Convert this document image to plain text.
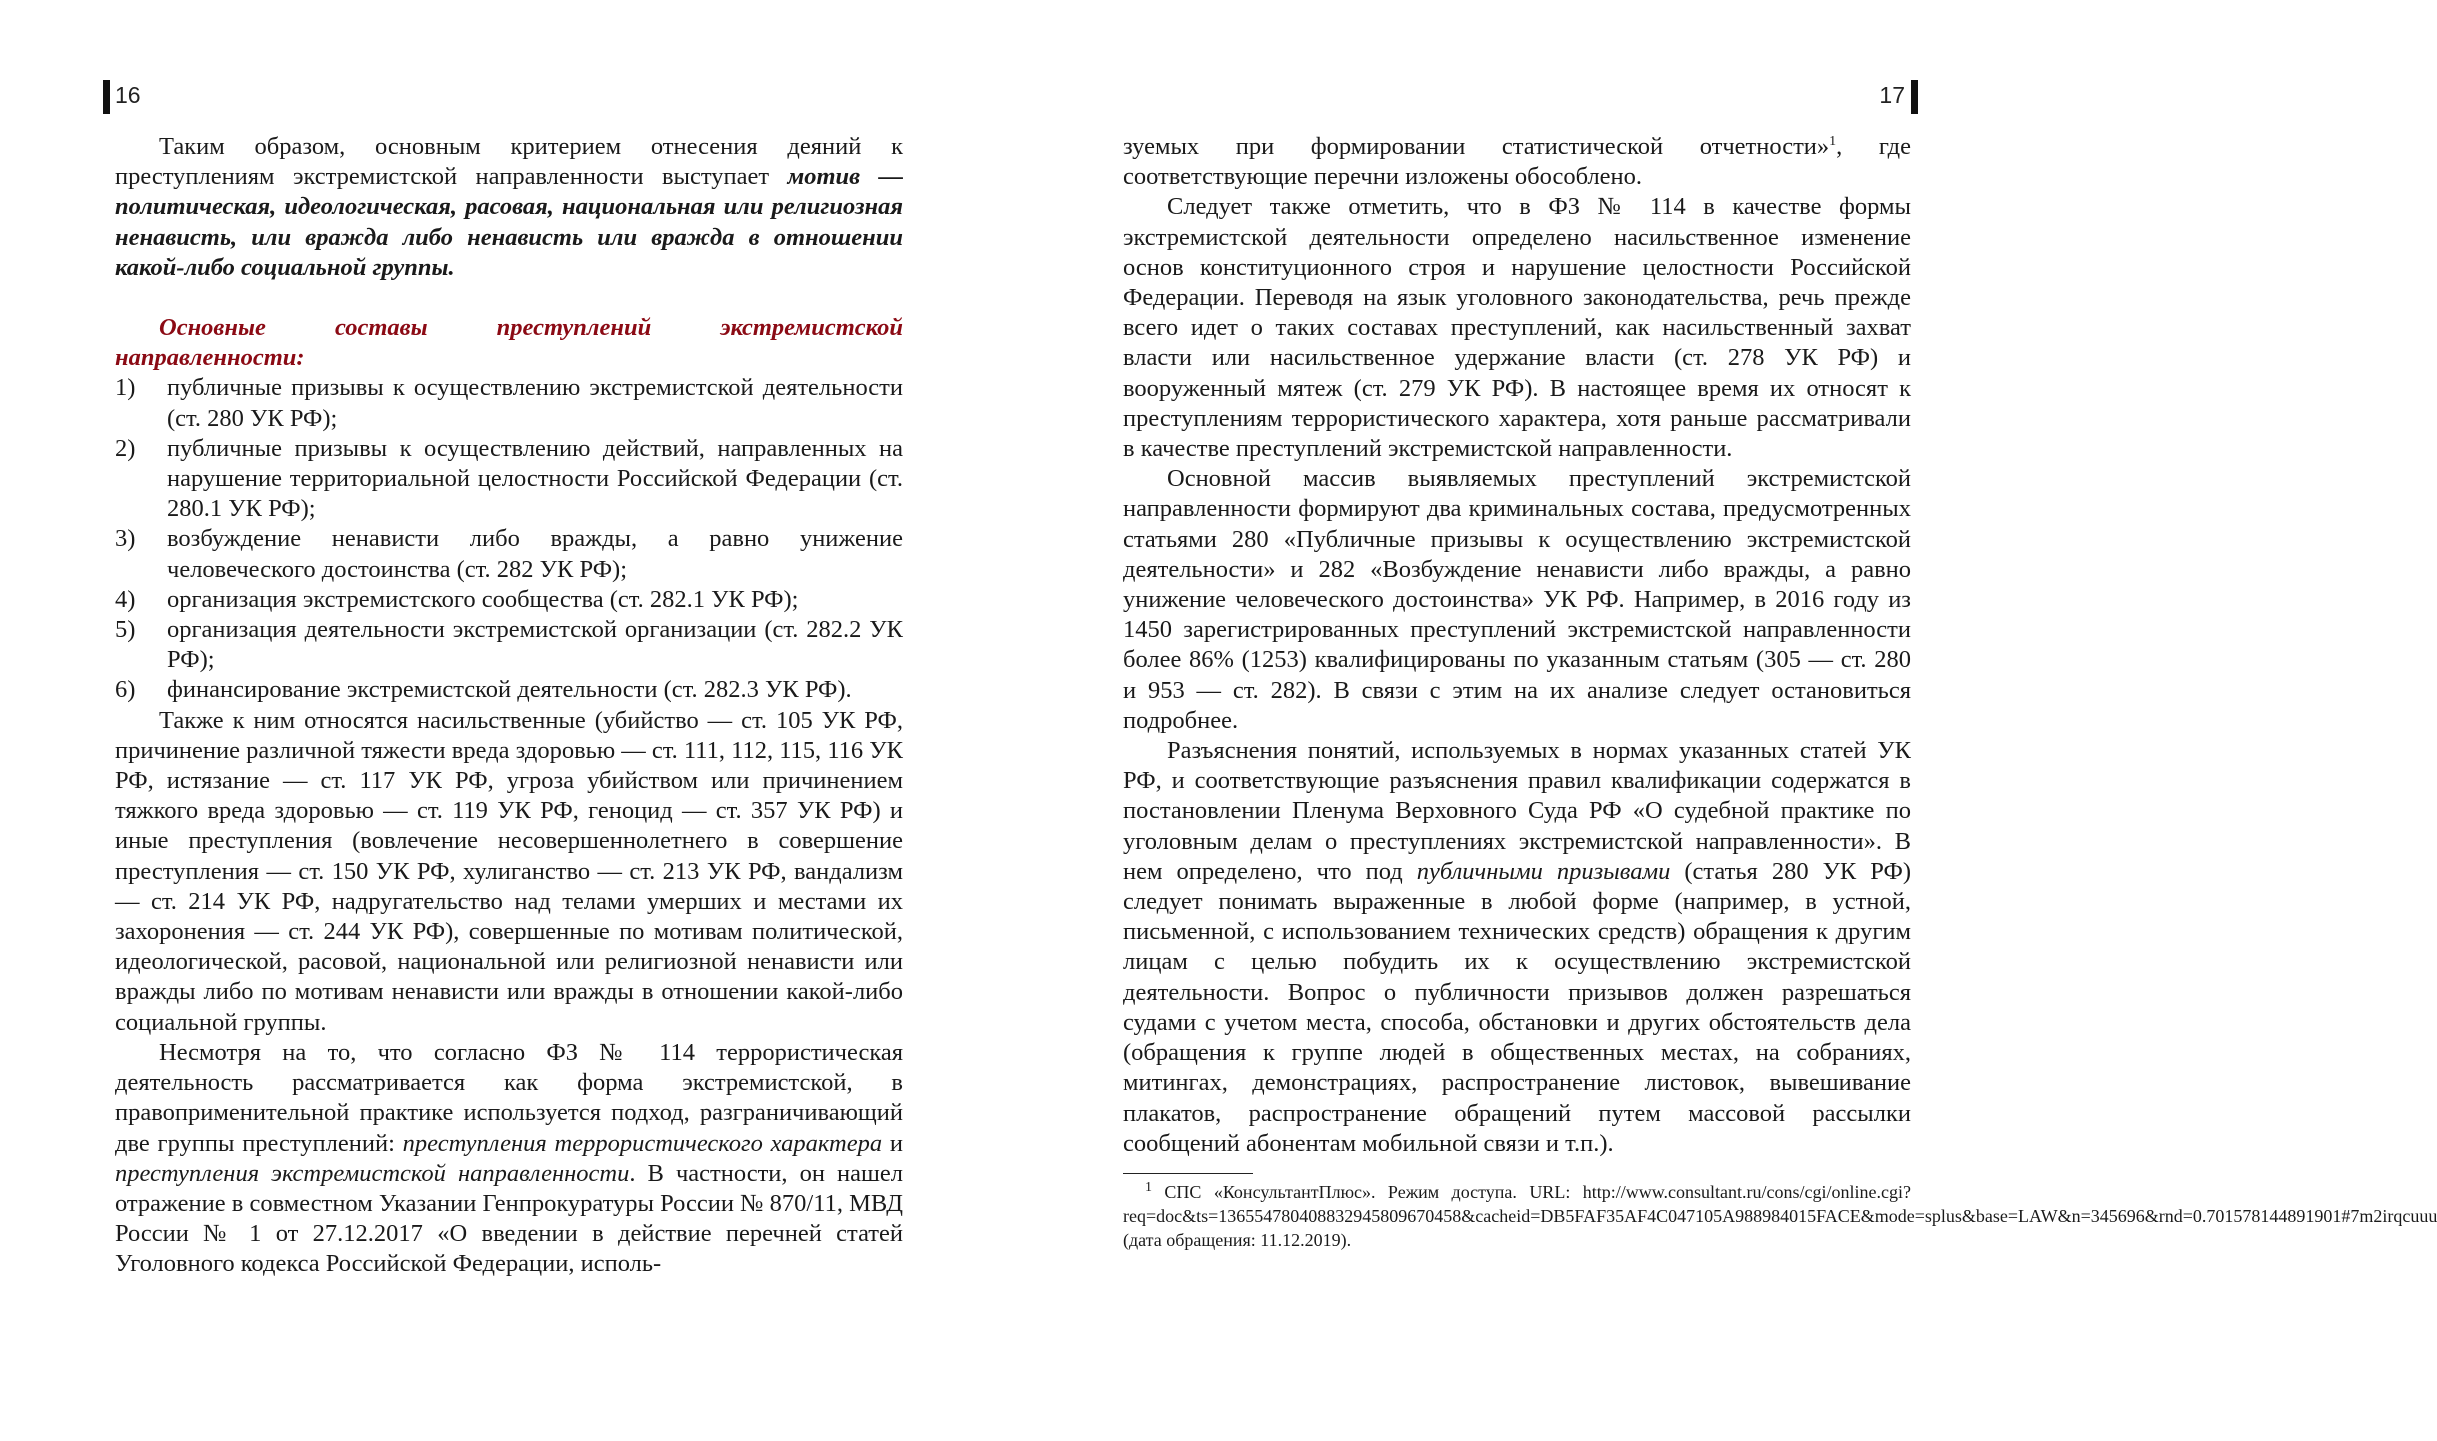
16

Таким образом, основным критерием отнесения деяний к преступлениям экстремистской направленности выступает мотив — политическая, идеологическая, расовая, национальная или религиозная ненависть, или вражда либо ненависть или вражда в отношении какой-либо социальной группы.

Основные составы преступлений экстремистской направленности:

1) публичные призывы к осуществлению экстремистской деятельности (ст. 280 УК РФ);
2) публичные призывы к осуществлению действий, направленных на нарушение территориальной целостности Российской Федерации (ст. 280.1 УК РФ);
3) возбуждение ненависти либо вражды, а равно унижение человеческого достоинства (ст. 282 УК РФ);
4) организация экстремистского сообщества (ст. 282.1 УК РФ);
5) организация деятельности экстремистской организации (ст. 282.2 УК РФ);
6) финансирование экстремистской деятельности (ст. 282.3 УК РФ).

Также к ним относятся насильственные (убийство — ст. 105 УК РФ, причинение различной тяжести вреда здоровью — ст. 111, 112, 115, 116 УК РФ, истязание — ст. 117 УК РФ, угроза убийством или причинением тяжкого вреда здоровью — ст. 119 УК РФ, геноцид — ст. 357 УК РФ) и иные преступления (вовлечение несовершеннолетнего в совершение преступления — ст. 150 УК РФ, хулиганство — ст. 213 УК РФ, вандализм — ст. 214 УК РФ, надругательство над телами умерших и местами их захоронения — ст. 244 УК РФ), совершенные по мотивам политической, идеологической, расовой, национальной или религиозной ненависти или вражды либо по мотивам ненависти или вражды в отношении какой-либо социальной группы.

Несмотря на то, что согласно ФЗ № 114 террористическая деятельность рассматривается как форма экстремистской, в правоприменительной практике используется подход, разграничивающий две группы преступлений: преступления террористического характера и преступления экстремистской направленности. В частности, он нашел отражение в совместном Указании Генпрокуратуры России № 870/11, МВД России № 1 от 27.12.2017 «О введении в действие перечней статей Уголовного кодекса Российской Федерации, исполь-

17

зуемых при формировании статистической отчетности»$^1$, где соответствующие перечни изложены обособлено.

Следует также отметить, что в ФЗ № 114 в качестве формы экстремистской деятельности определено насильственное изменение основ конституционного строя и нарушение целостности Российской Федерации. Переводя на язык уголовного законодательства, речь прежде всего идет о таких составах преступлений, как насильственный захват власти или насильственное удержание власти (ст. 278 УК РФ) и вооруженный мятеж (ст. 279 УК РФ). В настоящее время их относят к преступлениям террористического характера, хотя раньше рассматривали в качестве преступлений экстремистской направленности.

Основной массив выявляемых преступлений экстремистской направленности формируют два криминальных состава, предусмотренных статьями 280 «Публичные призывы к осуществлению экстремистской деятельности» и 282 «Возбуждение ненависти либо вражды, а равно унижение человеческого достоинства» УК РФ. Например, в 2016 году из 1450 зарегистрированных преступлений экстремистской направленности более 86% (1253) квалифицированы по указанным статьям (305 — ст. 280 и 953 — ст. 282). В связи с этим на их анализе следует остановиться подробнее.

Разъяснения понятий, используемых в нормах указанных статей УК РФ, и соответствующие разъяснения правил квалификации содержатся в постановлении Пленума Верховного Суда РФ «О судебной практике по уголовным делам о преступлениях экстремистской направленности». В нем определено, что под публичными призывами (статья 280 УК РФ) следует понимать выраженные в любой форме (например, в устной, письменной, с использованием технических средств) обращения к другим лицам с целью побудить их к осуществлению экстремистской деятельности. Вопрос о публичности призывов должен разрешаться судами с учетом места, способа, обстановки и других обстоятельств дела (обращения к группе людей в общественных местах, на собраниях, митингах, демонстрациях, распространение листовок, вывешивание плакатов, распространение обращений путем массовой рассылки сообщений абонентам мобильной связи и т.п.).

$^1$ СПС «КонсультантПлюс». Режим доступа. URL: http://www.consultant.ru/cons/cgi/online.cgi?req=doc&ts=136554780408832945809670458&cacheid=DB5FAF35AF4C047105A988984015FACE&mode=splus&base=LAW&n=345696&rnd=0.701578144891901#7m2irqcuuu (дата обращения: 11.12.2019).
